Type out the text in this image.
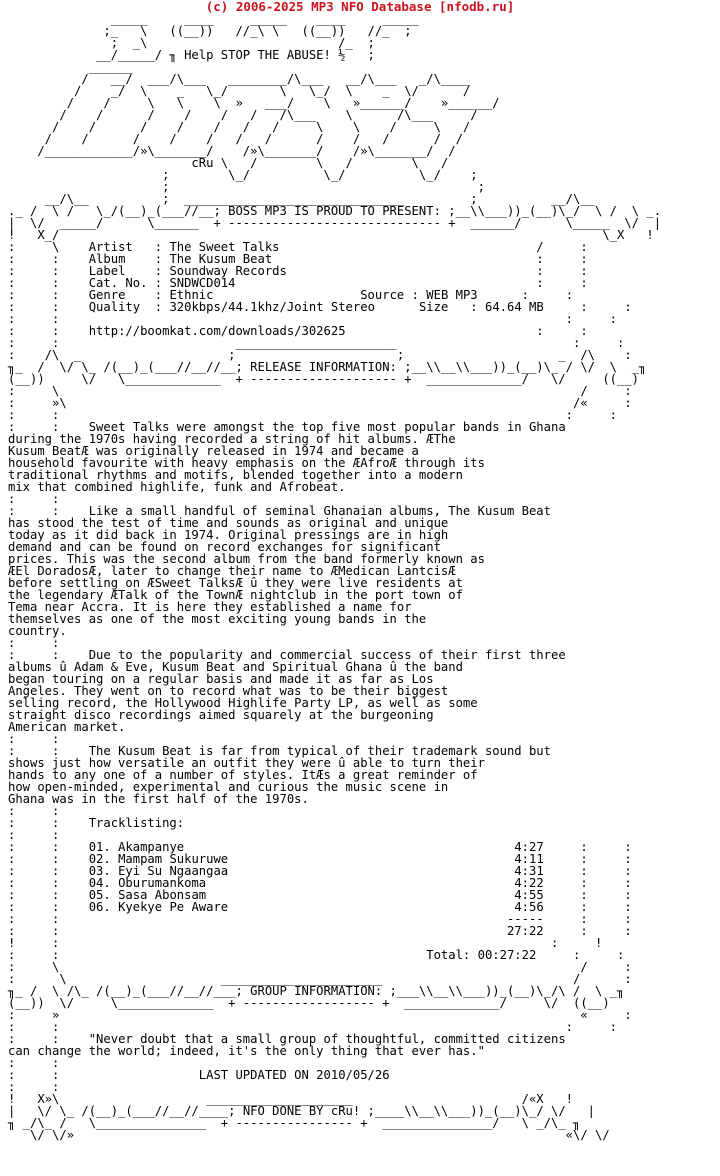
(c) 2006-2025 MP3 NFO Database [nfodb.ru]
_____     ____     _____    ____     _____
;_   \   ((__))   //_\ \   ((__))   //_  ;
;  _\                          /_  ;
__/_____/ ╖ Help STOP THE ABUSE! ½   ;
______
/   __/  ___/\___   ________/\___   __/\___   _/\____
/    _/  \    _   \_/       \   \_/  \    _  \/      /
/    /     \   \    \  »   ___/    \   »______/    »______/
/    /      /    /    /   /   /\___    \      /\___     /
/    /      /    /    /   /   /     \    \    /     \   /
/    /      /    /    /   /   /      /    /   /      /  /
/____________/»\_______/    /»\_______/    /»\_______/  /
cRu \   /        \   /        \   /
;        \_/          \_/          \_/    ;
;                                          ;
__/\__          ;  ______________________________         ;          __/\__
._ /  \ /   \_/(__)_(___//__; BOSS MP3 IS PROUD TO PRESENT: ;__\\___))_(__)\_/  \ /  \ _.
|  \/  _____/      \______  + ----------------------------- +  ______/      \_____  \/  |
!   X_/                                                                          \_X   !
:     \    Artist   : The Sweet Talks	/     :
:     :    Album    : The Kusum Beat	:     :
:     :    Label    : Soundway Records	:     :
:     :    Cat. No. : SNDWCD014	:     :
:     :    Genre    : Ethnic	Source : WEB MP3	:     :
:     :    Quality  : 320kbps/44.1khz/Joint Stereo	Size   : 64.64 MB	:     :
:     :                                                                     :     :
:     :    http://boomkat.com/downloads/302625	:     :
:     :                        ______________________                        :     :
:    /\  _                    ;                      ;                     _  /\    :
╖_  /  \/ \_ /(__)_(___//__//__; RELEASE INFORMATION: ;__\\__\\___))_(__)\_ / \/  \  _╖
(__))     \/   \_____________  + -------------------- +  _____________/   \/     ((__)
:     \                                                                       /     :
:     »\                                                                     /«     :
:     :                                                                     :     :
:     :    Sweet Talks were amongst the top five most popular bands in Ghana
during the 1970s having recorded a string of hit albums. ÆThe
Kusum BeatÆ was originally released in 1974 and became a
household favourite with heavy emphasis on the ÆAfroÆ through its
traditional rhythms and motifs, blended together into a modern
mix that combined highlife, funk and Afrobeat.
:     :
:     :    Like a small handful of seminal Ghanaian albums, The Kusum Beat
has stood the test of time and sounds as original and unique
today as it did back in 1974. Original pressings are in high
demand and can be found on record exchanges for significant
prices. This was the second album from the band formerly known as
ÆEl DoradosÆ, later to change their name to ÆMedican LantcisÆ
before settling on ÆSweet TalksÆ û they were live residents at
the legendary ÆTalk of the TownÆ nightclub in the port town of
Tema near Accra. It is here they established a name for
themselves as one of the most exciting young bands in the
country.
:     :
:     :    Due to the popularity and commercial success of their first three
albums û Adam & Eve, Kusum Beat and Spiritual Ghana û the band
began touring on a regular basis and made it as far as Los
Angeles. They went on to record what was to be their biggest
selling record, the Hollywood Highlife Party LP, as well as some
straight disco recordings aimed squarely at the burgeoning
American market.
:     :
:     :    The Kusum Beat is far from typical of their trademark sound but
shows just how versatile an outfit they were û able to turn their
hands to any one of a number of styles. ItÆs a great reminder of
how open-minded, experimental and curious the music scene in
Ghana was in the first half of the 1970s.
:     :
:     :    Tracklisting:
:     :
:     :    01. Akampanye	4:27	:     :
:     :    02. Mampam Sukuruwe	4:11	:     :
:     :    03. Eyi Su Ngaangaa	4:31	:     :
:     :    04. Oburumankoma	4:22	:     :
:     :    05. Sasa Abonsam	4:55	:     :
:     :    06. Kyekye Pe Aware	4:56	:     :
:     :	-----	:     :
:     :	27:22	:     :
!     :                                                                   :     !
:     :	Total: 00:27:22	:     :
:     \                                                                       /     :
:      \                     ______________________                          /      :
╖_ /  \ /\_ /(__)_(___//__//___; GROUP INFORMATION: ;___\\__\\___))_(__)\_/\ /  \ _╖
(__))  \/     \_____________  + ------------------ +  _____________/     \/  ((__)
:     »                                                                       «     :
:     :                                                                     :     :
:     :    "Never doubt that a small group of thoughtful, committed citizens
can change the world; indeed, it's the only thing that ever has."
:     :
:     :	LAST UPDATED ON 2010/05/26
:     :
!   X»\                    ____________________                       /«X   !
|   \/ \_ /(__)_(___//__//____; NFO DONE BY cRu! ;____\\__\\___))_(__)\_/ \/   |
╖ _/\_ /   \_______________  + ---------------- +  _______________/   \ _/\_ ╖
\/ \/»                                                                   «\/ \/
